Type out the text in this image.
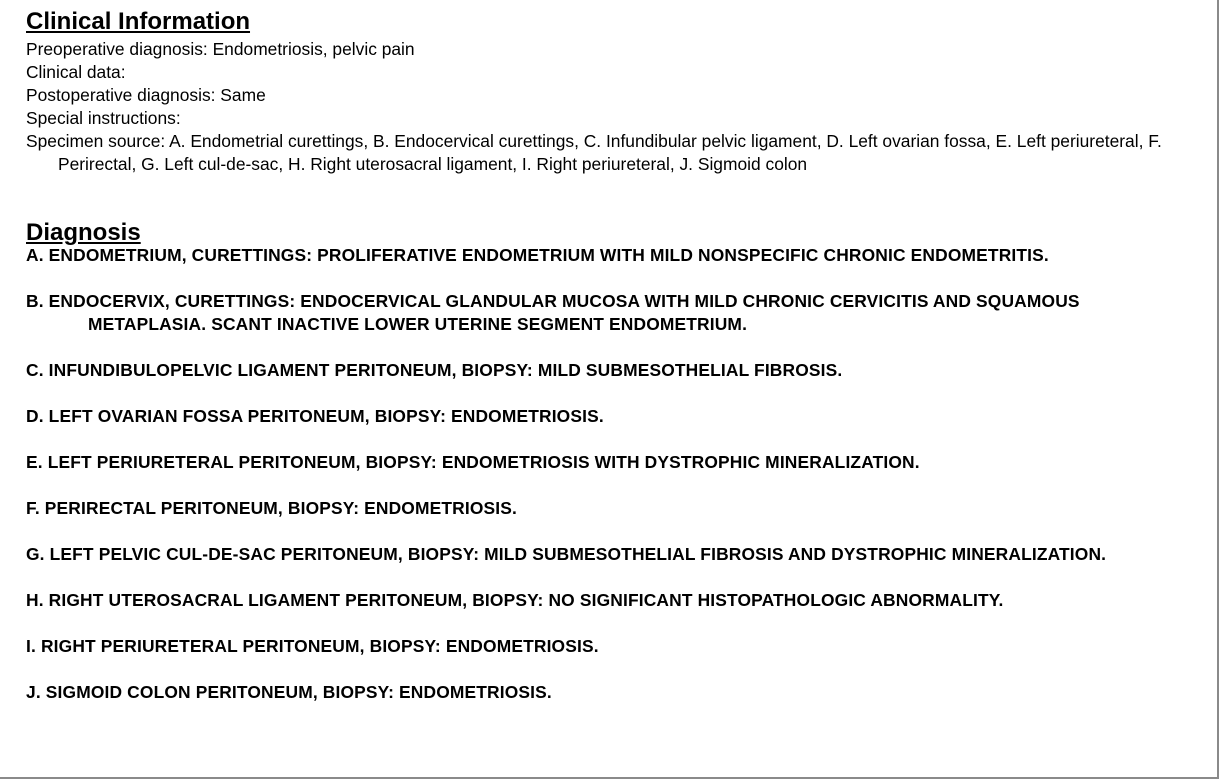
Clinical Information

Preoperative diagnosis: Endometriosis, pelvic pain

Clinical data:

Postoperative diagnosis: Same

Special instructions:

Specimen source: A. Endometrial curettings, B. Endocervical curettings, C. Infundibular pelvic ligament, D. Left ovarian fossa, E. Left periureteral, F. Perirectal, G. Left cul-de-sac, H. Right uterosacral ligament, I. Right periureteral, J. Sigmoid colon

Diagnosis

A. ENDOMETRIUM, CURETTINGS: PROLIFERATIVE ENDOMETRIUM WITH MILD NONSPECIFIC CHRONIC ENDOMETRITIS.

B. ENDOCERVIX, CURETTINGS: ENDOCERVICAL GLANDULAR MUCOSA WITH MILD CHRONIC CERVICITIS AND SQUAMOUS METAPLASIA. SCANT INACTIVE LOWER UTERINE SEGMENT ENDOMETRIUM.

C. INFUNDIBULOPELVIC LIGAMENT PERITONEUM, BIOPSY: MILD SUBMESOTHELIAL FIBROSIS.

D. LEFT OVARIAN FOSSA PERITONEUM, BIOPSY: ENDOMETRIOSIS.

E. LEFT PERIURETERAL PERITONEUM, BIOPSY: ENDOMETRIOSIS WITH DYSTROPHIC MINERALIZATION.

F. PERIRECTAL PERITONEUM, BIOPSY: ENDOMETRIOSIS.

G. LEFT PELVIC CUL-DE-SAC PERITONEUM, BIOPSY: MILD SUBMESOTHELIAL FIBROSIS AND DYSTROPHIC MINERALIZATION.

H. RIGHT UTEROSACRAL LIGAMENT PERITONEUM, BIOPSY: NO SIGNIFICANT HISTOPATHOLOGIC ABNORMALITY.

I. RIGHT PERIURETERAL PERITONEUM, BIOPSY: ENDOMETRIOSIS.

J. SIGMOID COLON PERITONEUM, BIOPSY: ENDOMETRIOSIS.
